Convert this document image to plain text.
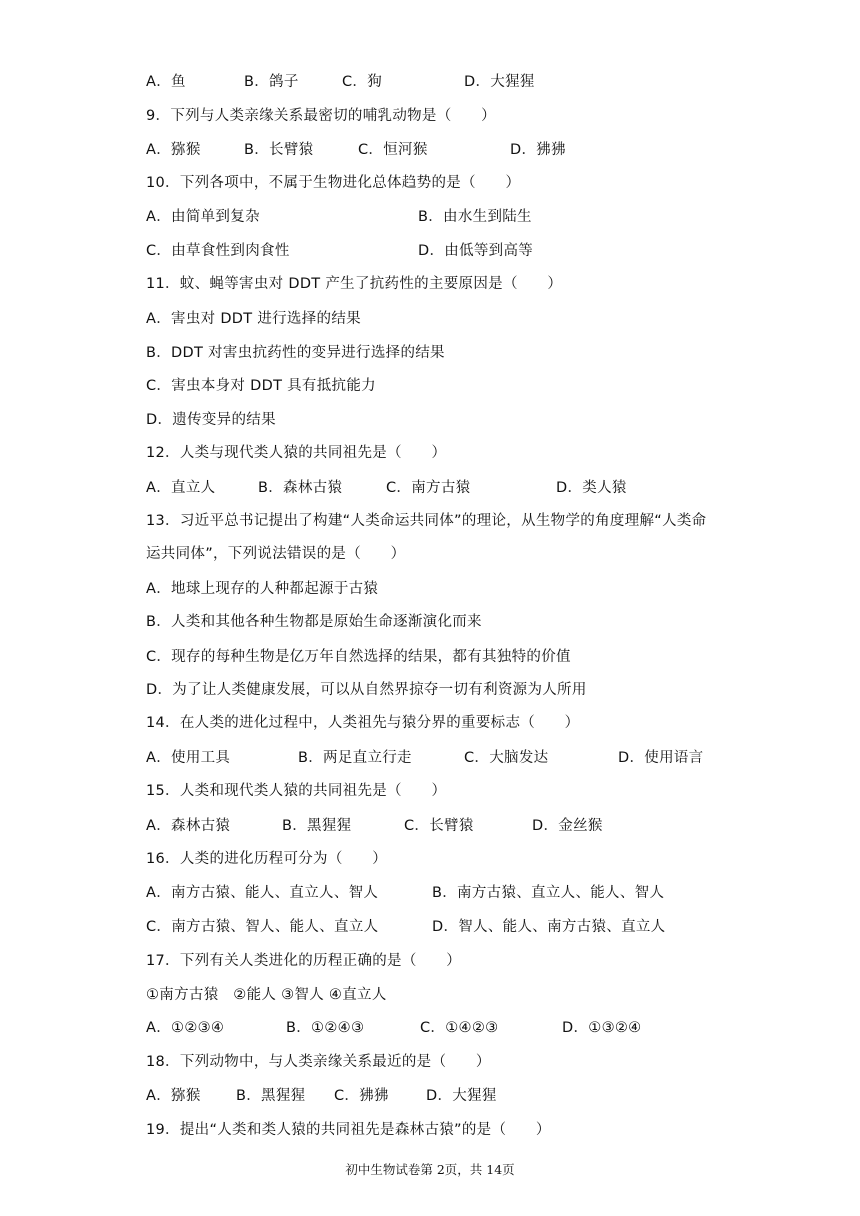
A．鱼	B．鸽子	C．狗	D．大猩猩
9．下列与人类亲缘关系最密切的哺乳动物是（　　）
A．猕猴	B．长臂猿	C．恒河猴	D．狒狒
10．下列各项中，不属于生物进化总体趋势的是（　　）
A．由简单到复杂	B．由水生到陆生
C．由草食性到肉食性	D．由低等到高等
11．蚊、蝇等害虫对 DDT 产生了抗药性的主要原因是（　　）
A．害虫对 DDT 进行选择的结果
B．DDT 对害虫抗药性的变异进行选择的结果
C．害虫本身对 DDT 具有抵抗能力
D．遗传变异的结果
12．人类与现代类人猿的共同祖先是（　　）
A．直立人	B．森林古猿	C．南方古猿	D．类人猿
13．习近平总书记提出了构建“人类命运共同体”的理论，从生物学的角度理解“人类命
运共同体”，下列说法错误的是（　　）
A．地球上现存的人种都起源于古猿
B．人类和其他各种生物都是原始生命逐渐演化而来
C．现存的每种生物是亿万年自然选择的结果，都有其独特的价值
D．为了让人类健康发展，可以从自然界掠夺一切有利资源为人所用
14．在人类的进化过程中，人类祖先与猿分界的重要标志（　　）
A．使用工具	B．两足直立行走	C．大脑发达	D．使用语言
15．人类和现代类人猿的共同祖先是（　　）
A．森林古猿	B．黑猩猩	C．长臂猿	D．金丝猴
16．人类的进化历程可分为（　　）
A．南方古猿、能人、直立人、智人	B．南方古猿、直立人、能人、智人
C．南方古猿、智人、能人、直立人	D．智人、能人、南方古猿、直立人
17．下列有关人类进化的历程正确的是（　　）
①南方古猿　②能人 ③智人 ④直立人
A．①②③④	B．①②④③	C．①④②③	D．①③②④
18．下列动物中，与人类亲缘关系最近的是（　　）
A．猕猴 B．黑猩猩 C．狒狒	D．大猩猩
19．提出“人类和类人猿的共同祖先是森林古猿”的是（　　）
初中生物试卷第 2页，共 14页
